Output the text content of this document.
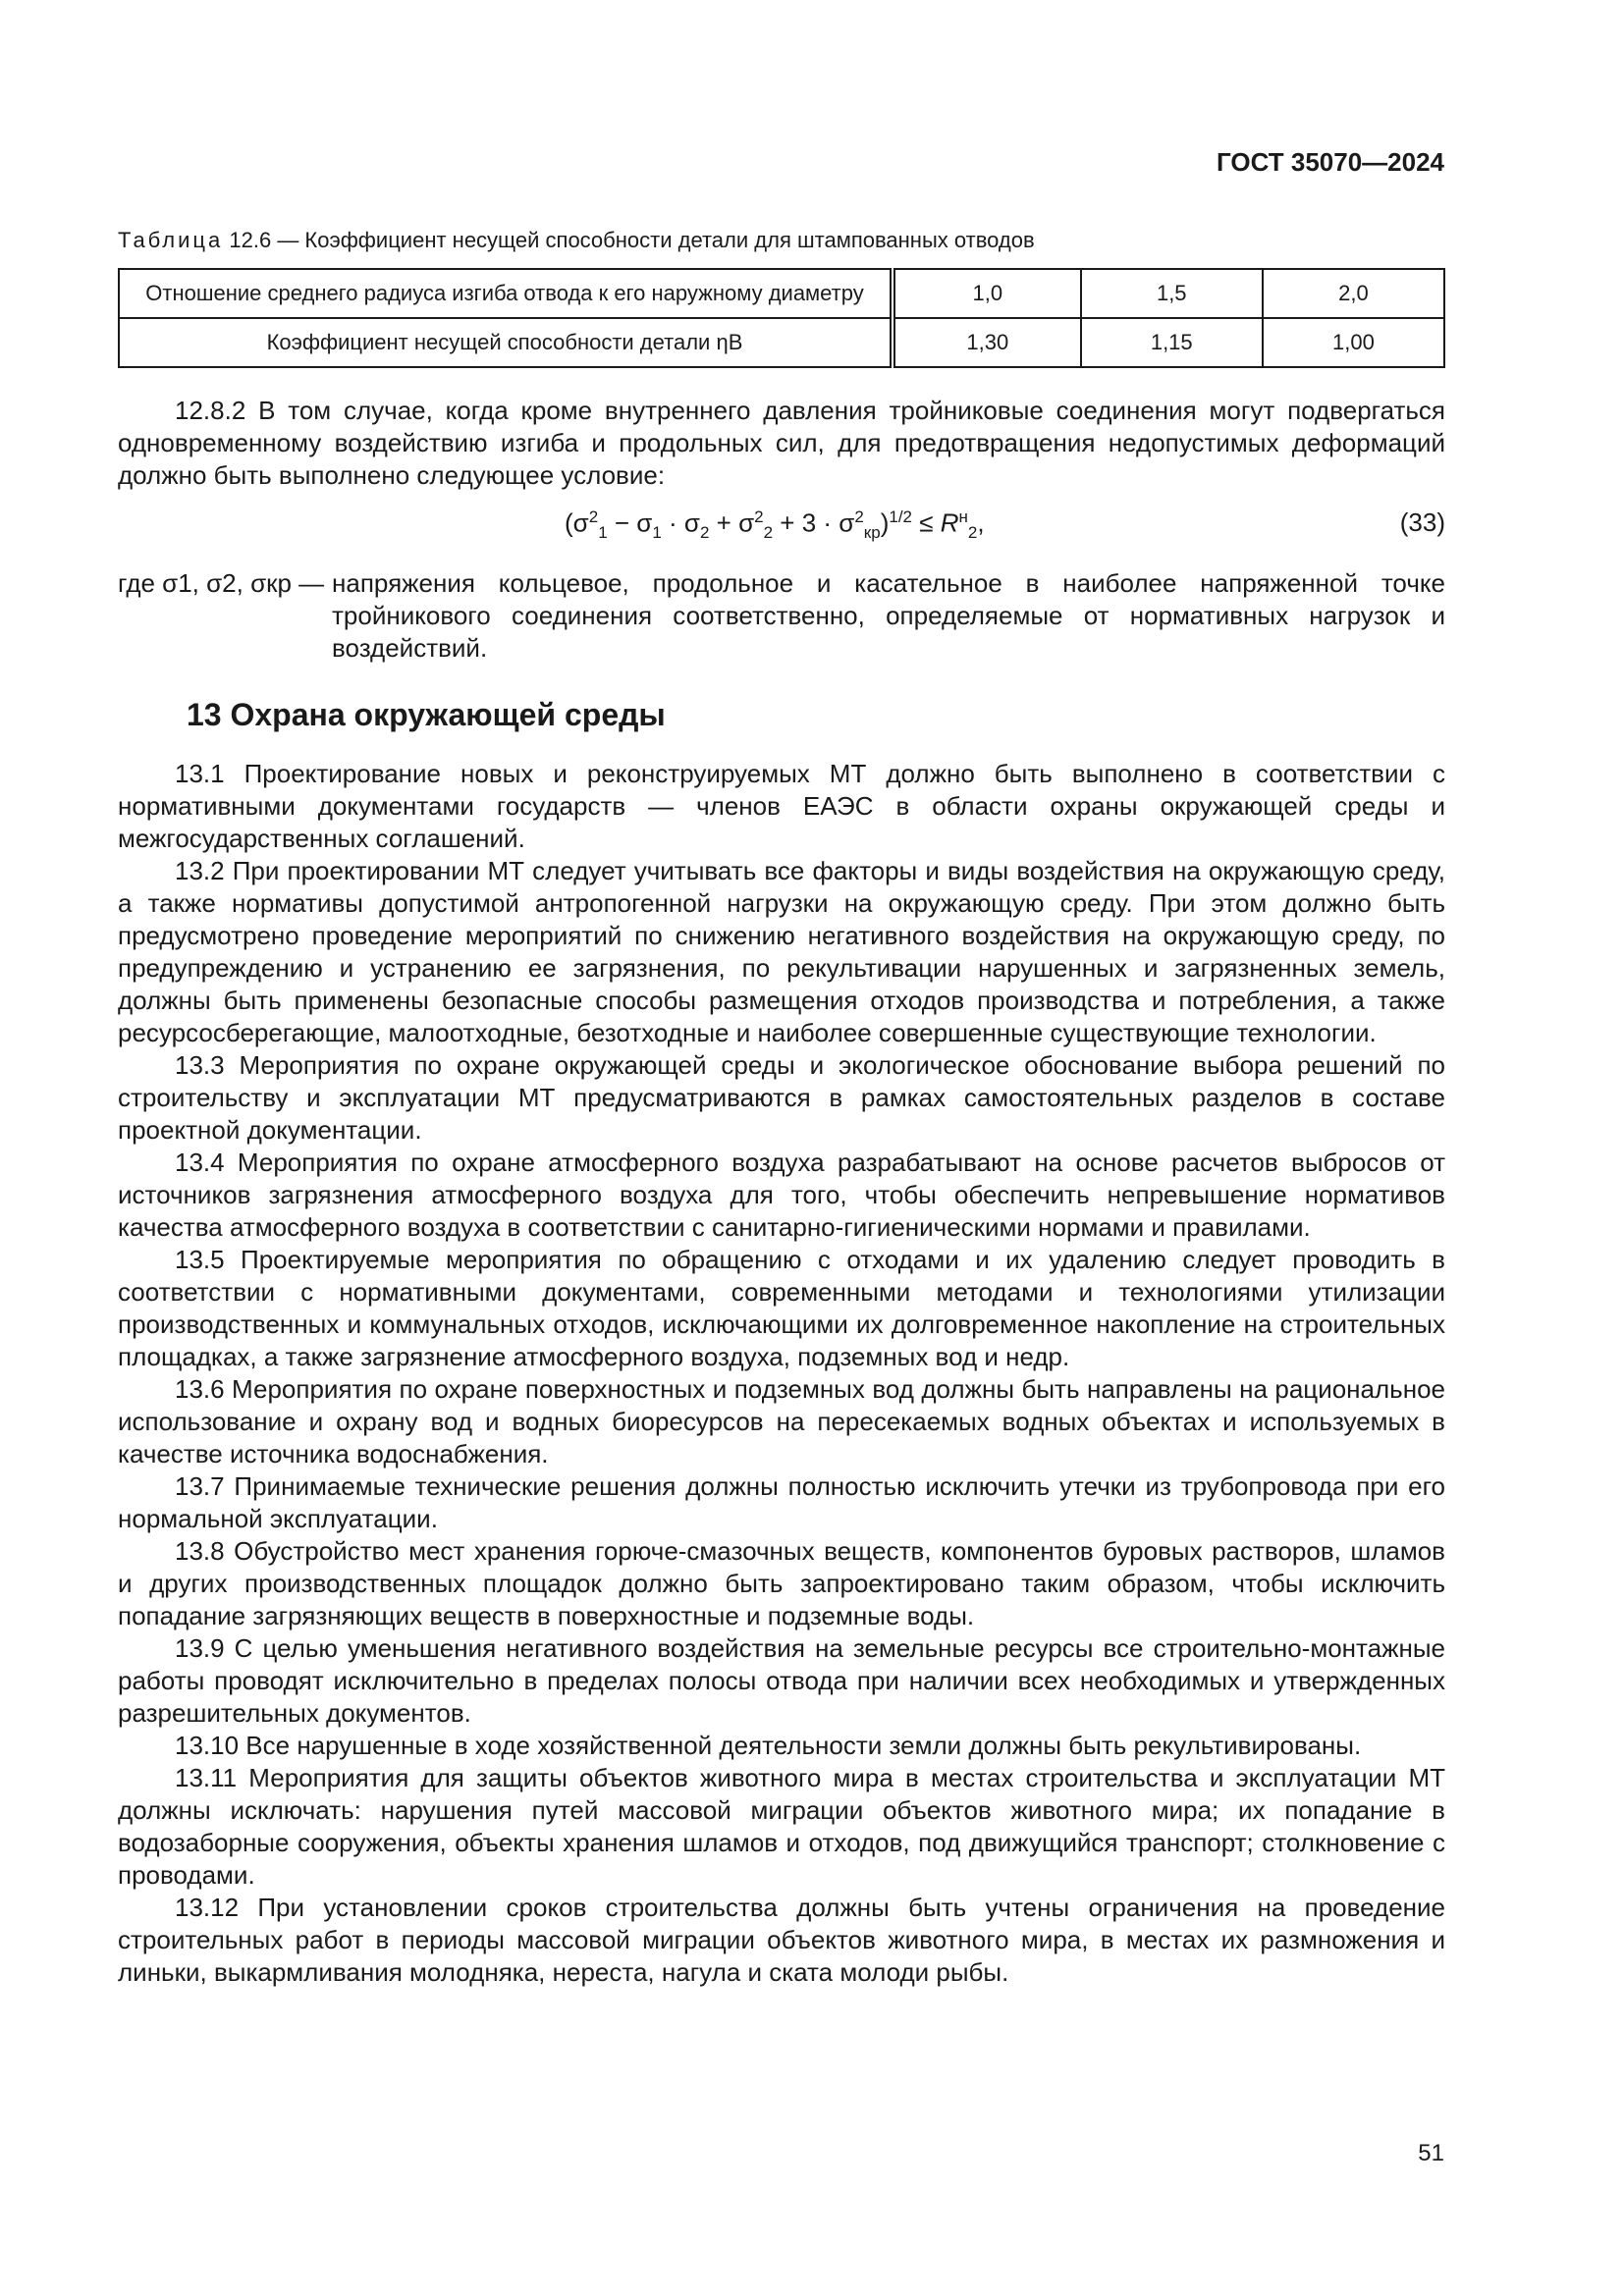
ГОСТ 35070—2024
Таблица 12.6 — Коэффициент несущей способности детали для штампованных отводов
Отношение среднего радиуса изгиба отвода к его наружному диаметру	1,0	1,5	2,0
Коэффициент несущей способности детали ηB	1,30	1,15	1,00

12.8.2 В том случае, когда кроме внутреннего давления тройниковые соединения могут подвергаться одновременному воздействию изгиба и продольных сил, для предотвращения недопустимых деформаций должно быть выполнено следующее условие:

$(\sigma^2_1 - \sigma_1 \cdot \sigma_2 + \sigma^2_2 + 3 \cdot \sigma^2_{кр})^{1/2} \le R^н_2$,	(33)
где σ1, σ2, σкр — напряжения кольцевое, продольное и касательное в наиболее напряженной точке тройникового соединения соответственно, определяемые от нормативных нагрузок и воздействий.
13 Охрана окружающей среды

13.1 Проектирование новых и реконструируемых МТ должно быть выполнено в соответствии с нормативными документами государств — членов ЕАЭС в области охраны окружающей среды и межгосударственных соглашений.

13.2 При проектировании МТ следует учитывать все факторы и виды воздействия на окружающую среду, а также нормативы допустимой антропогенной нагрузки на окружающую среду. При этом должно быть предусмотрено проведение мероприятий по снижению негативного воздействия на окружающую среду, по предупреждению и устранению ее загрязнения, по рекультивации нарушенных и загрязненных земель, должны быть применены безопасные способы размещения отходов производства и потребления, а также ресурсосберегающие, малоотходные, безотходные и наиболее совершенные существующие технологии.

13.3 Мероприятия по охране окружающей среды и экологическое обоснование выбора решений по строительству и эксплуатации МТ предусматриваются в рамках самостоятельных разделов в составе проектной документации.

13.4 Мероприятия по охране атмосферного воздуха разрабатывают на основе расчетов выбросов от источников загрязнения атмосферного воздуха для того, чтобы обеспечить непревышение нормативов качества атмосферного воздуха в соответствии с санитарно-гигиеническими нормами и правилами.

13.5 Проектируемые мероприятия по обращению с отходами и их удалению следует проводить в соответствии с нормативными документами, современными методами и технологиями утилизации производственных и коммунальных отходов, исключающими их долговременное накопление на строительных площадках, а также загрязнение атмосферного воздуха, подземных вод и недр.

13.6 Мероприятия по охране поверхностных и подземных вод должны быть направлены на рациональное использование и охрану вод и водных биоресурсов на пересекаемых водных объектах и используемых в качестве источника водоснабжения.

13.7 Принимаемые технические решения должны полностью исключить утечки из трубопровода при его нормальной эксплуатации.

13.8 Обустройство мест хранения горюче-смазочных веществ, компонентов буровых растворов, шламов и других производственных площадок должно быть запроектировано таким образом, чтобы исключить попадание загрязняющих веществ в поверхностные и подземные воды.

13.9 С целью уменьшения негативного воздействия на земельные ресурсы все строительно-монтажные работы проводят исключительно в пределах полосы отвода при наличии всех необходимых и утвержденных разрешительных документов.

13.10 Все нарушенные в ходе хозяйственной деятельности земли должны быть рекультивированы.

13.11 Мероприятия для защиты объектов животного мира в местах строительства и эксплуатации МТ должны исключать: нарушения путей массовой миграции объектов животного мира; их попадание в водозаборные сооружения, объекты хранения шламов и отходов, под движущийся транспорт; столкновение с проводами.

13.12 При установлении сроков строительства должны быть учтены ограничения на проведение строительных работ в периоды массовой миграции объектов животного мира, в местах их размножения и линьки, выкармливания молодняка, нереста, нагула и ската молоди рыбы.

51
